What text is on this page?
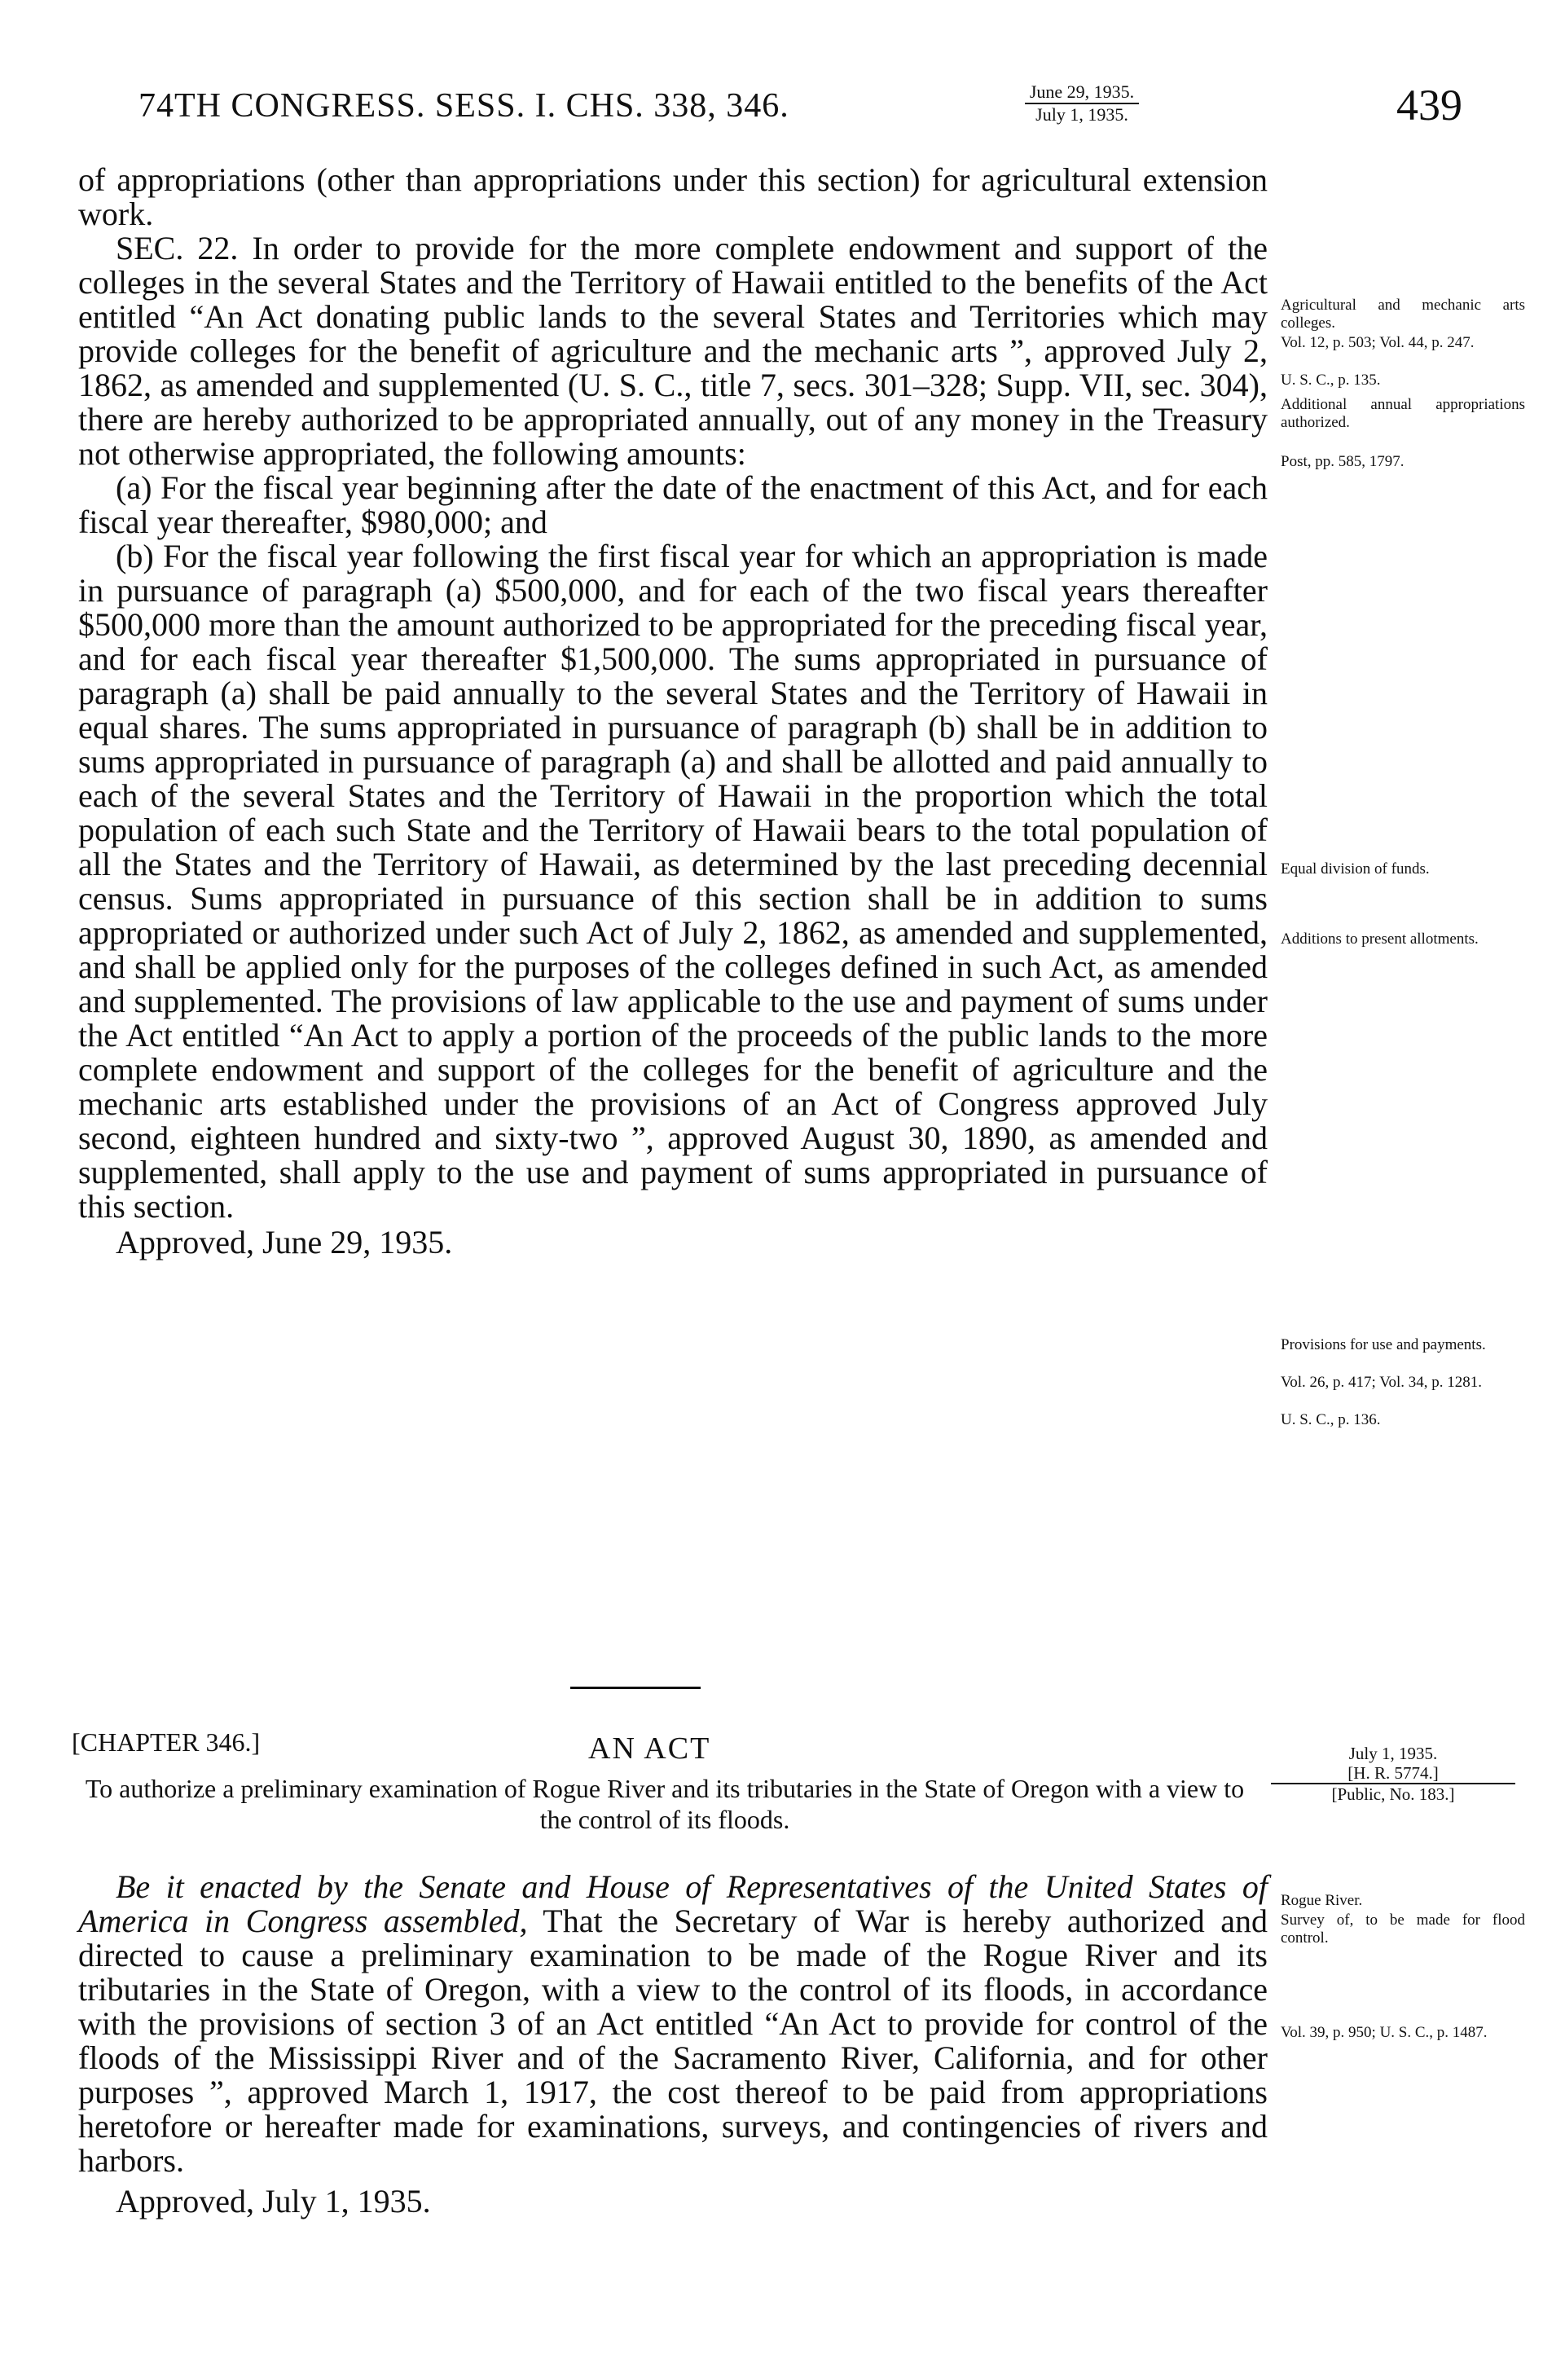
74TH CONGRESS. SESS. I. CHS. 338, 346.	June 29, 1935.
July 1, 1935.	439

of appropriations (other than appropriations under this section) for agricultural extension work.

SEC. 22. In order to provide for the more complete endowment and support of the colleges in the several States and the Territory of Hawaii entitled to the benefits of the Act entitled “An Act donating public lands to the several States and Territories which may provide colleges for the benefit of agriculture and the mechanic arts ”, approved July 2, 1862, as amended and supplemented (U. S. C., title 7, secs. 301–328; Supp. VII, sec. 304), there are hereby authorized to be appropriated annually, out of any money in the Treasury not otherwise appropriated, the following amounts:

(a) For the fiscal year beginning after the date of the enactment of this Act, and for each fiscal year thereafter, $980,000; and

(b) For the fiscal year following the first fiscal year for which an appropriation is made in pursuance of paragraph (a) $500,000, and for each of the two fiscal years thereafter $500,000 more than the amount authorized to be appropriated for the preceding fiscal year, and for each fiscal year thereafter $1,500,000. The sums appropriated in pursuance of paragraph (a) shall be paid annually to the several States and the Territory of Hawaii in equal shares. The sums appropriated in pursuance of paragraph (b) shall be in addition to sums appropriated in pursuance of paragraph (a) and shall be allotted and paid annually to each of the several States and the Territory of Hawaii in the proportion which the total population of each such State and the Territory of Hawaii bears to the total population of all the States and the Territory of Hawaii, as determined by the last preceding decennial census. Sums appropriated in pursuance of this section shall be in addition to sums appropriated or authorized under such Act of July 2, 1862, as amended and supplemented, and shall be applied only for the purposes of the colleges defined in such Act, as amended and supplemented. The provisions of law applicable to the use and payment of sums under the Act entitled “An Act to apply a portion of the proceeds of the public lands to the more complete endowment and support of the colleges for the benefit of agriculture and the mechanic arts established under the provisions of an Act of Congress approved July second, eighteen hundred and sixty-two ”, approved August 30, 1890, as amended and supplemented, shall apply to the use and payment of sums appropriated in pursuance of this section.

Approved, June 29, 1935.

Agricultural and mechanic arts colleges.
Vol. 12, p. 503; Vol. 44, p. 247.
U. S. C., p. 135.
Additional annual appropriations authorized.
Post, pp. 585, 1797.
Equal division of funds.
Additions to present allotments.
Provisions for use and payments.
Vol. 26, p. 417; Vol. 34, p. 1281.
U. S. C., p. 136.
Rogue River.
Survey of, to be made for flood control.
Vol. 39, p. 950; U. S. C., p. 1487.
[CHAPTER 346.]	AN ACT
To authorize a preliminary examination of Rogue River and its tributaries in the State of Oregon with a view to the control of its floods.
July 1, 1935.
[H. R. 5774.]
[Public, No. 183.]

Be it enacted by the Senate and House of Representatives of the United States of America in Congress assembled, That the Secretary of War is hereby authorized and directed to cause a preliminary examination to be made of the Rogue River and its tributaries in the State of Oregon, with a view to the control of its floods, in accordance with the provisions of section 3 of an Act entitled “An Act to provide for control of the floods of the Mississippi River and of the Sacramento River, California, and for other purposes ”, approved March 1, 1917, the cost thereof to be paid from appropriations heretofore or hereafter made for examinations, surveys, and contingencies of rivers and harbors.

Approved, July 1, 1935.
